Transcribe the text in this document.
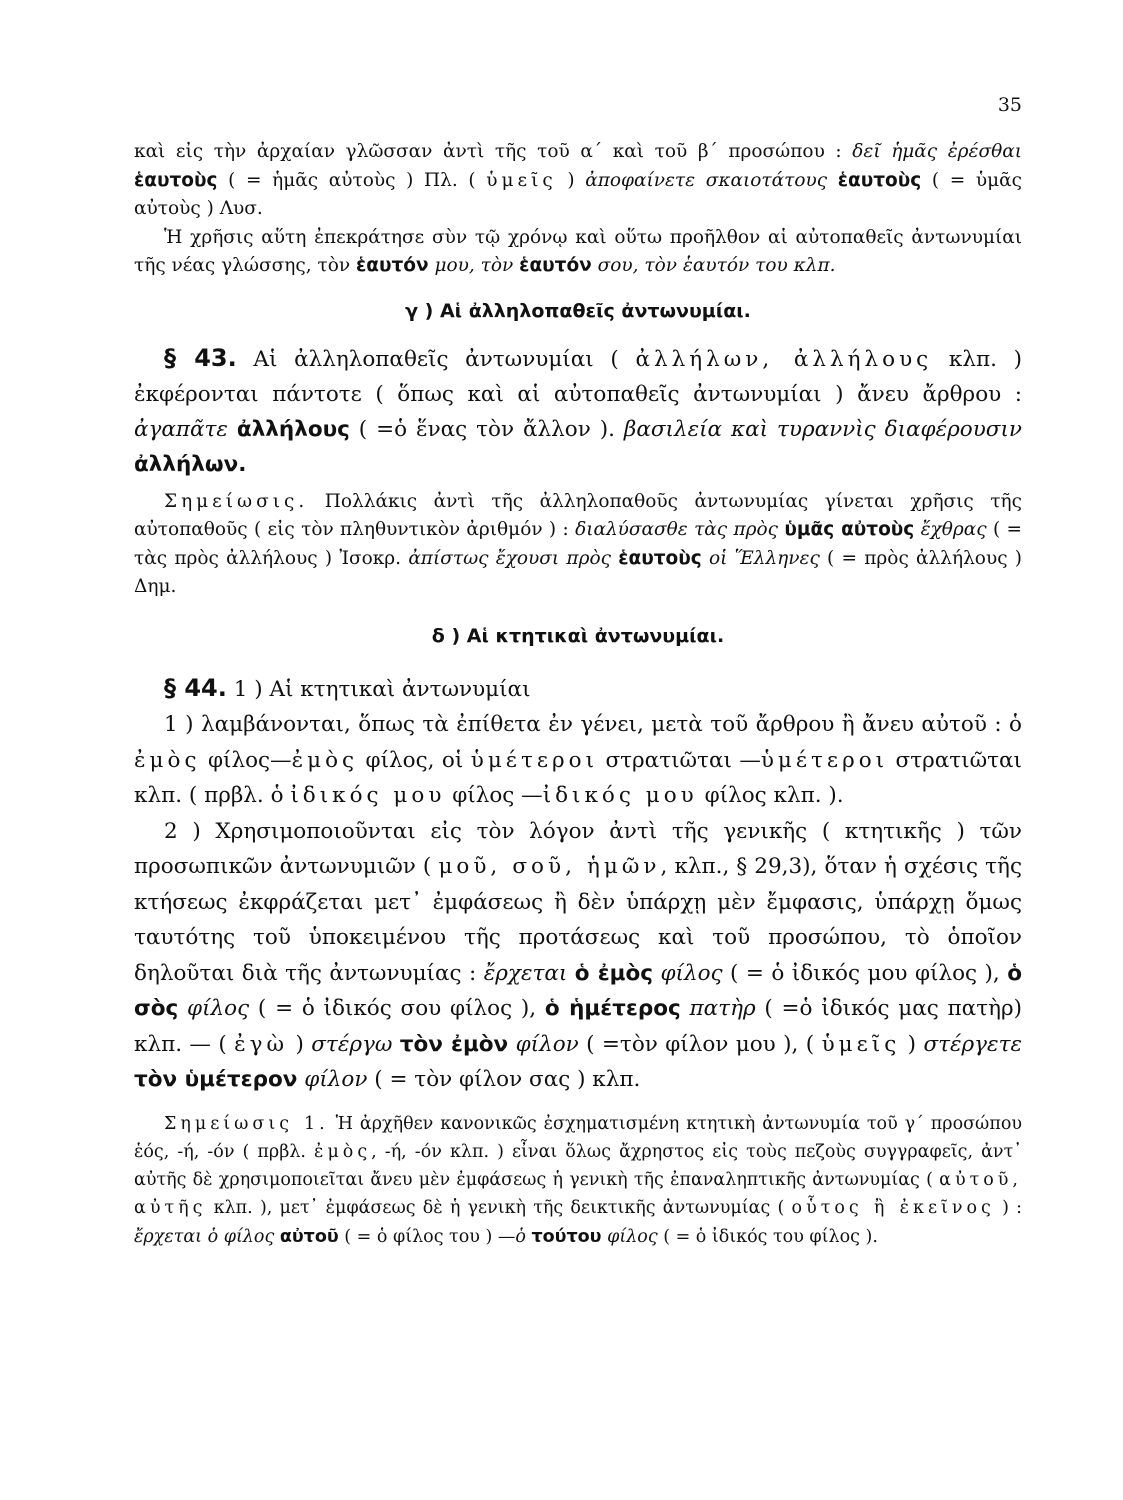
35

καὶ εἰς τὴν ἀρχαίαν γλῶσσαν ἀντὶ τῆς τοῦ α΄ καὶ τοῦ β΄ προσώπου : δεῖ ἡμᾶς ἐρέσθαι ἑαυτοὺς ( = ἡμᾶς αὐτοὺς ) Πλ. ( ὑμεῖς ) ἀποφαίνετε σκαιοτάτους ἑαυτοὺς ( = ὑμᾶς αὐτοὺς ) Λυσ.

Ἡ χρῆσις αὕτη ἐπεκράτησε σὺν τῷ χρόνῳ καὶ οὕτω προῆλθον αἱ αὐτοπαθεῖς ἀντωνυμίαι τῆς νέας γλώσσης, τὸν ἑαυτόν μου, τὸν ἑαυτόν σου, τὸν ἑαυτόν του κλπ.

γ ) Αἱ ἀλληλοπαθεῖς ἀντωνυμίαι.

§ 43. Αἱ ἀλληλοπαθεῖς ἀντωνυμίαι ( ἀλλήλων, ἀλλήλους κλπ. ) ἐκφέρονται πάντοτε ( ὅπως καὶ αἱ αὐτοπαθεῖς ἀντωνυμίαι ) ἄνευ ἄρθρου : ἀγαπᾶτε ἀλλήλους ( =ὁ ἕνας τὸν ἄλλον ). βασιλεία καὶ τυραννὶς διαφέρουσιν ἀλλήλων.

Σημείωσις. Πολλάκις ἀντὶ τῆς ἀλληλοπαθοῦς ἀντωνυμίας γίνεται χρῆσις τῆς αὐτοπαθοῦς ( εἰς τὸν πληθυντικὸν ἀριθμόν ) : διαλύσασθε τὰς πρὸς ὑμᾶς αὐτοὺς ἔχθρας ( = τὰς πρὸς ἀλλήλους ) Ἰσοκρ. ἀπίστως ἔχουσι πρὸς ἑαυτοὺς οἱ Ἕλληνες ( = πρὸς ἀλλήλους ) Δημ.

δ ) Αἱ κτητικαὶ ἀντωνυμίαι.

§ 44. 1 ) Αἱ κτητικαὶ ἀντωνυμίαι

1 ) λαμβάνονται, ὅπως τὰ ἐπίθετα ἐν γένει, μετὰ τοῦ ἄρθρου ἢ ἄνευ αὐτοῦ : ὁ ἐμὸς φίλος—ἐμὸς φίλος, οἱ ὑμέτεροι στρατιῶται —ὑμέτεροι στρατιῶται κλπ. ( πρβλ. ὁ ἰδικός μου φίλος —ἰδικός μου φίλος κλπ. ).

2 ) Χρησιμοποιοῦνται εἰς τὸν λόγον ἀντὶ τῆς γενικῆς ( κτητικῆς ) τῶν προσωπικῶν ἀντωνυμιῶν ( μοῦ, σοῦ, ἡμῶν, κλπ., § 29,3), ὅταν ἡ σχέσις τῆς κτήσεως ἐκφράζεται μετ᾽ ἐμφάσεως ἢ δὲν ὑπάρχῃ μὲν ἔμφασις, ὑπάρχῃ ὅμως ταυτότης τοῦ ὑποκειμένου τῆς προτάσεως καὶ τοῦ προσώπου, τὸ ὁποῖον δηλοῦται διὰ τῆς ἀντωνυμίας : ἔρχεται ὁ ἐμὸς φίλος ( = ὁ ἰδικός μου φίλος ), ὁ σὸς φίλος ( = ὁ ἰδικός σου φίλος ), ὁ ἡμέτερος πατὴρ ( =ὁ ἰδικός μας πατὴρ) κλπ. — ( ἐγὼ ) στέργω τὸν ἐμὸν φίλον ( =τὸν φίλον μου ), ( ὑμεῖς ) στέργετε τὸν ὑμέτερον φίλον ( = τὸν φίλον σας ) κλπ.

Σημείωσις 1. Ἡ ἀρχῆθεν κανονικῶς ἐσχηματισμένη κτητικὴ ἀντωνυμία τοῦ γ΄ προσώπου ἑός, -ή, -όν ( πρβλ. ἐμὸς, -ή, -όν κλπ. ) εἶναι ὅλως ἄχρηστος εἰς τοὺς πεζοὺς συγγραφεῖς, ἀντ᾽ αὐτῆς δὲ χρησιμοποιεῖται ἄνευ μὲν ἐμφάσεως ἡ γενικὴ τῆς ἐπαναληπτικῆς ἀντωνυμίας ( αὐτοῦ, αὐτῆς κλπ. ), μετ᾽ ἐμφάσεως δὲ ἡ γενικὴ τῆς δεικτικῆς ἀντωνυμίας ( οὗτος ἢ ἐκεῖνος ) : ἔρχεται ὁ φίλος αὐτοῦ ( = ὁ φίλος του ) —ὁ τούτου φίλος ( = ὁ ἰδικός του φίλος ).
